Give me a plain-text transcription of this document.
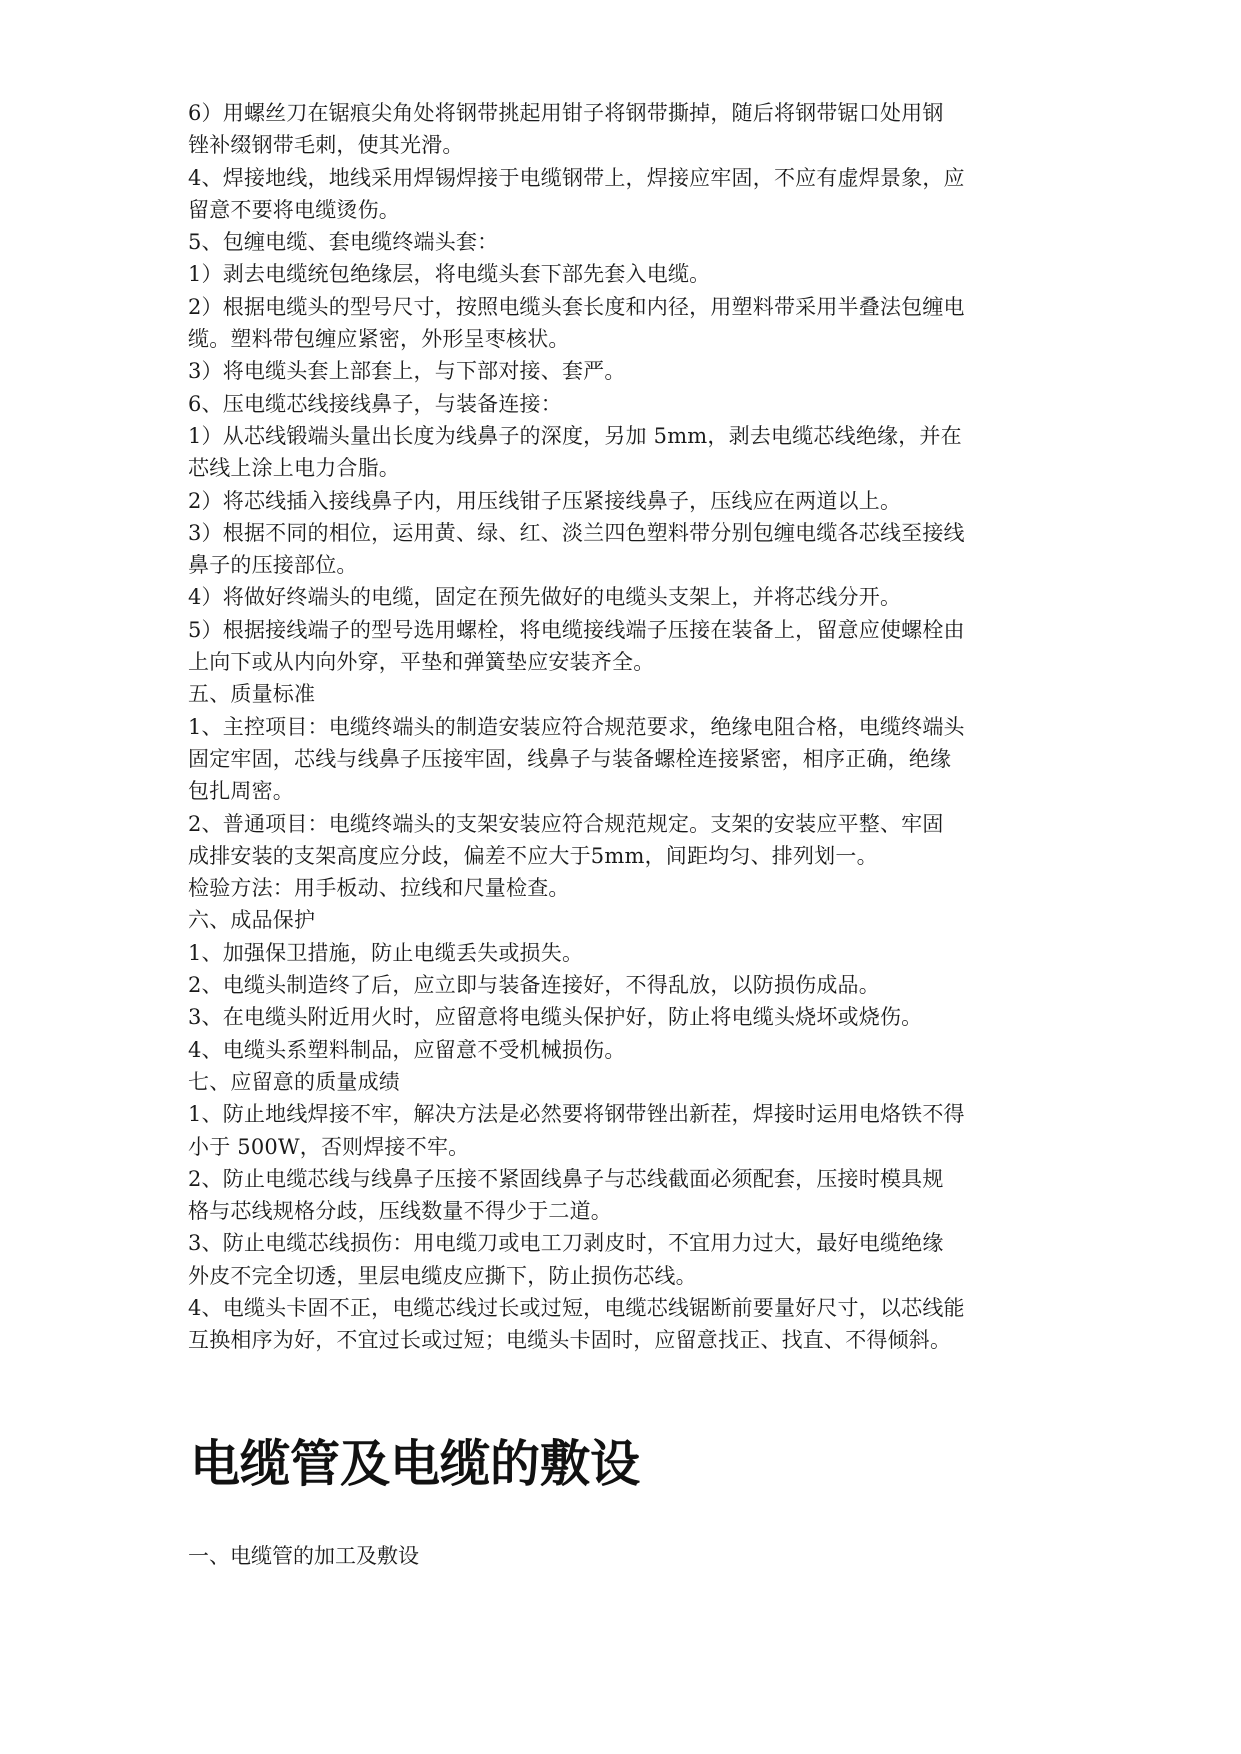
6）用螺丝刀在锯痕尖角处将钢带挑起用钳子将钢带撕掉，随后将钢带锯口处用钢
锉补缀钢带毛刺，使其光滑。
4、焊接地线，地线采用焊锡焊接于电缆钢带上，焊接应牢固，不应有虚焊景象，应
留意不要将电缆烫伤。
5、包缠电缆、套电缆终端头套：
1）剥去电缆统包绝缘层，将电缆头套下部先套入电缆。
2）根据电缆头的型号尺寸，按照电缆头套长度和内径，用塑料带采用半叠法包缠电
缆。塑料带包缠应紧密，外形呈枣核状。
3）将电缆头套上部套上，与下部对接、套严。
6、压电缆芯线接线鼻子，与装备连接：
1）从芯线锻端头量出长度为线鼻子的深度，另加 5mm，剥去电缆芯线绝缘，并在
芯线上涂上电力合脂。
2）将芯线插入接线鼻子内，用压线钳子压紧接线鼻子，压线应在两道以上。
3）根据不同的相位，运用黄、绿、红、淡兰四色塑料带分别包缠电缆各芯线至接线
鼻子的压接部位。
4）将做好终端头的电缆，固定在预先做好的电缆头支架上，并将芯线分开。
5）根据接线端子的型号选用螺栓，将电缆接线端子压接在装备上，留意应使螺栓由
上向下或从内向外穿，平垫和弹簧垫应安装齐全。
五、质量标准
1、主控项目：电缆终端头的制造安装应符合规范要求，绝缘电阻合格，电缆终端头
固定牢固，芯线与线鼻子压接牢固，线鼻子与装备螺栓连接紧密，相序正确，绝缘
包扎周密。
2、普通项目：电缆终端头的支架安装应符合规范规定。支架的安装应平整、牢固
成排安装的支架高度应分歧，偏差不应大于5mm，间距均匀、排列划一。
检验方法：用手板动、拉线和尺量检查。
六、成品保护
1、加强保卫措施，防止电缆丢失或损失。
2、电缆头制造终了后，应立即与装备连接好，不得乱放，以防损伤成品。
3、在电缆头附近用火时，应留意将电缆头保护好，防止将电缆头烧坏或烧伤。
4、电缆头系塑料制品，应留意不受机械损伤。
七、应留意的质量成绩
1、防止地线焊接不牢，解决方法是必然要将钢带锉出新茬，焊接时运用电烙铁不得
小于 500W，否则焊接不牢。
2、防止电缆芯线与线鼻子压接不紧固线鼻子与芯线截面必须配套，压接时模具规
格与芯线规格分歧，压线数量不得少于二道。
3、防止电缆芯线损伤：用电缆刀或电工刀剥皮时，不宜用力过大，最好电缆绝缘
外皮不完全切透，里层电缆皮应撕下，防止损伤芯线。
4、电缆头卡固不正，电缆芯线过长或过短，电缆芯线锯断前要量好尺寸，以芯线能
互换相序为好，不宜过长或过短；电缆头卡固时，应留意找正、找直、不得倾斜。
电缆管及电缆的敷设
一、电缆管的加工及敷设
